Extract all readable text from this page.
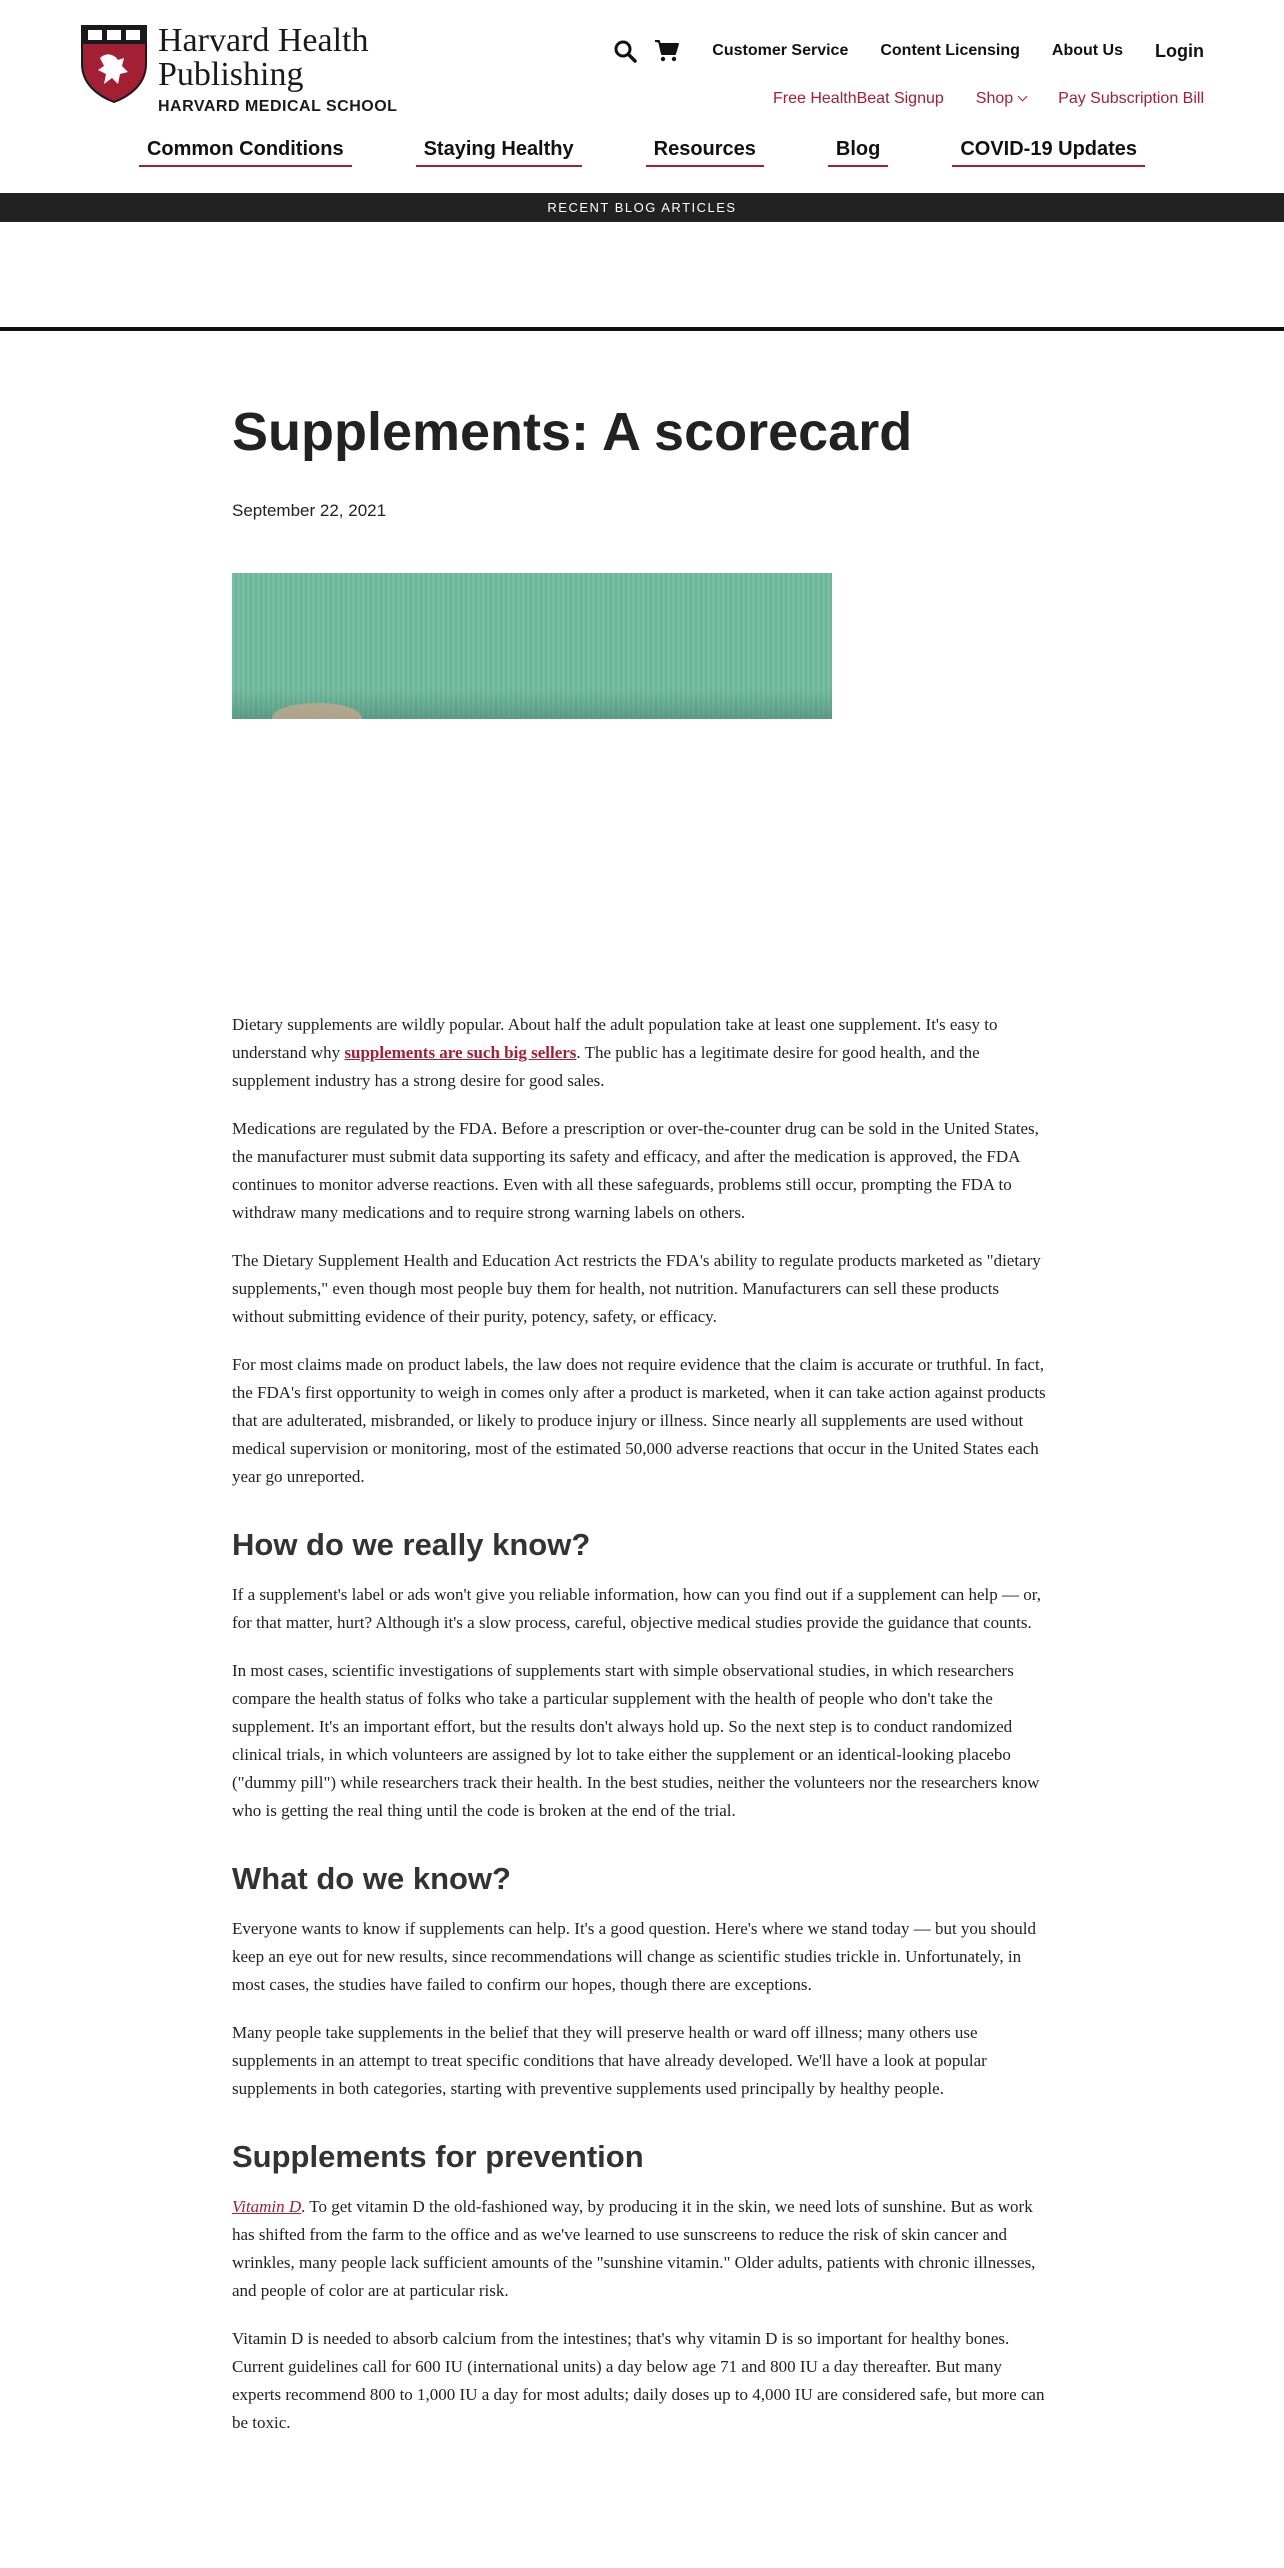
Harvard Health
Publishing
HARVARD MEDICAL SCHOOL
Customer Service Content Licensing About Us Login
Free HealthBeat Signup Shop	Pay Subscription Bill
Common Conditions	Staying Healthy	Resources	Blog	COVID-19 Updates
RECENT BLOG ARTICLES
Supplements: A scorecard
September 22, 2021

Dietary supplements are wildly popular. About half the adult population take at least one supplement. It's easy to understand why supplements are such big sellers. The public has a legitimate desire for good health, and the supplement industry has a strong desire for good sales.

Medications are regulated by the FDA. Before a prescription or over-the-counter drug can be sold in the United States, the manufacturer must submit data supporting its safety and efficacy, and after the medication is approved, the FDA continues to monitor adverse reactions. Even with all these safeguards, problems still occur, prompting the FDA to withdraw many medications and to require strong warning labels on others.

The Dietary Supplement Health and Education Act restricts the FDA's ability to regulate products marketed as "dietary supplements," even though most people buy them for health, not nutrition. Manufacturers can sell these products without submitting evidence of their purity, potency, safety, or efficacy.

For most claims made on product labels, the law does not require evidence that the claim is accurate or truthful. In fact, the FDA's first opportunity to weigh in comes only after a product is marketed, when it can take action against products that are adulterated, misbranded, or likely to produce injury or illness. Since nearly all supplements are used without medical supervision or monitoring, most of the estimated 50,000 adverse reactions that occur in the United States each year go unreported.

How do we really know?

If a supplement's label or ads won't give you reliable information, how can you find out if a supplement can help — or, for that matter, hurt? Although it's a slow process, careful, objective medical studies provide the guidance that counts.

In most cases, scientific investigations of supplements start with simple observational studies, in which researchers compare the health status of folks who take a particular supplement with the health of people who don't take the supplement. It's an important effort, but the results don't always hold up. So the next step is to conduct randomized clinical trials, in which volunteers are assigned by lot to take either the supplement or an identical-looking placebo ("dummy pill") while researchers track their health. In the best studies, neither the volunteers nor the researchers know who is getting the real thing until the code is broken at the end of the trial.

What do we know?

Everyone wants to know if supplements can help. It's a good question. Here's where we stand today — but you should keep an eye out for new results, since recommendations will change as scientific studies trickle in. Unfortunately, in most cases, the studies have failed to confirm our hopes, though there are exceptions.

Many people take supplements in the belief that they will preserve health or ward off illness; many others use supplements in an attempt to treat specific conditions that have already developed. We'll have a look at popular supplements in both categories, starting with preventive supplements used principally by healthy people.

Supplements for prevention

Vitamin D. To get vitamin D the old-fashioned way, by producing it in the skin, we need lots of sunshine. But as work has shifted from the farm to the office and as we've learned to use sunscreens to reduce the risk of skin cancer and wrinkles, many people lack sufficient amounts of the "sunshine vitamin." Older adults, patients with chronic illnesses, and people of color are at particular risk.

Vitamin D is needed to absorb calcium from the intestines; that's why vitamin D is so important for healthy bones. Current guidelines call for 600 IU (international units) a day below age 71 and 800 IU a day thereafter. But many experts recommend 800 to 1,000 IU a day for most adults; daily doses up to 4,000 IU are considered safe, but more can be toxic.
